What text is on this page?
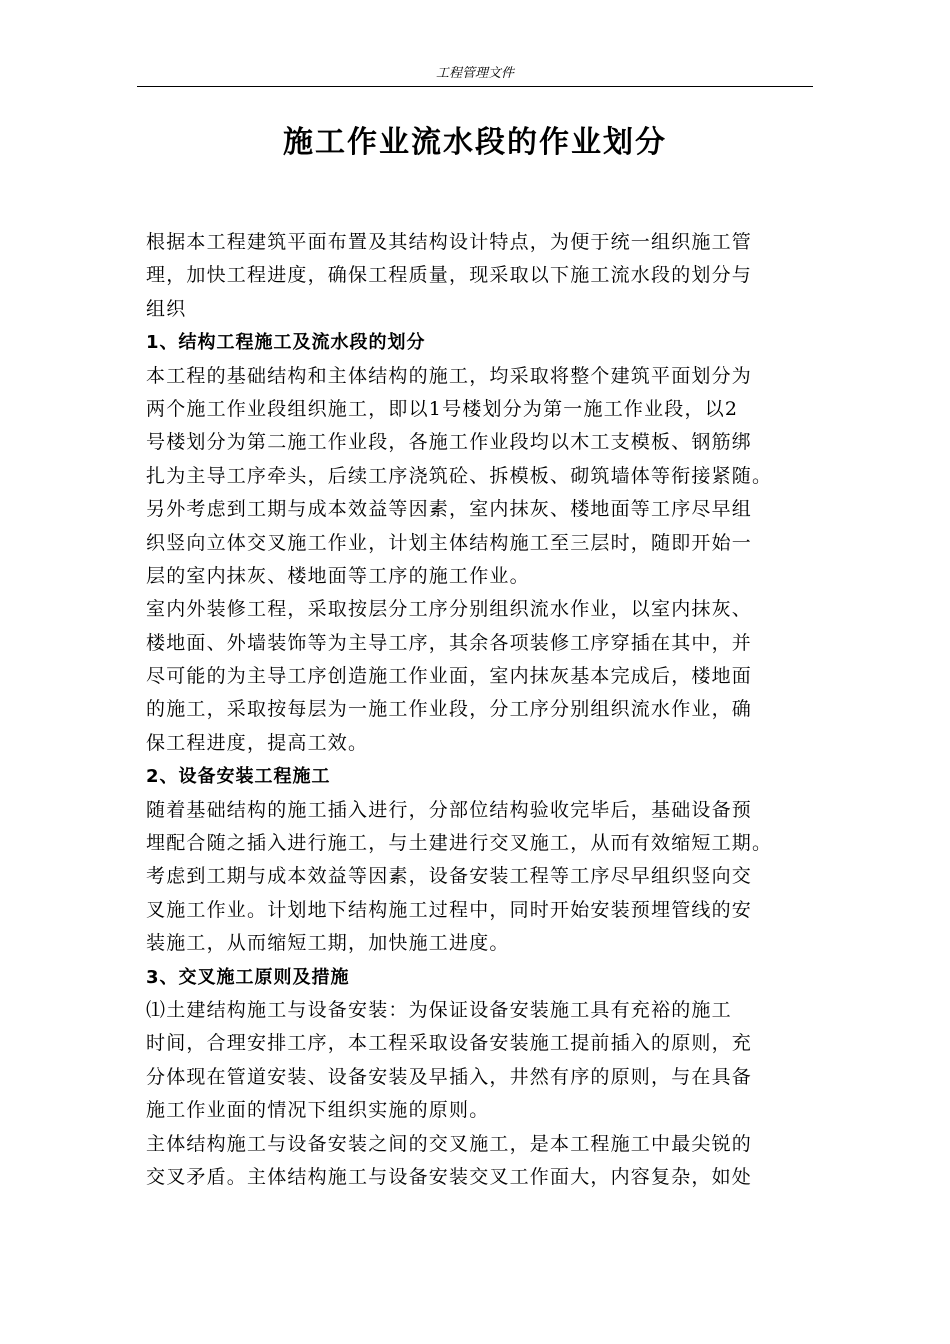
工程管理文件
施工作业流水段的作业划分
根据本工程建筑平面布置及其结构设计特点，为便于统一组织施工管
理，加快工程进度，确保工程质量，现采取以下施工流水段的划分与
组织
1、结构工程施工及流水段的划分
本工程的基础结构和主体结构的施工，均采取将整个建筑平面划分为
两个施工作业段组织施工，即以1号楼划分为第一施工作业段，以2
号楼划分为第二施工作业段，各施工作业段均以木工支模板、钢筋绑
扎为主导工序牵头，后续工序浇筑砼、拆模板、砌筑墙体等衔接紧随。
另外考虑到工期与成本效益等因素，室内抹灰、楼地面等工序尽早组
织竖向立体交叉施工作业，计划主体结构施工至三层时，随即开始一
层的室内抹灰、楼地面等工序的施工作业。
室内外装修工程，采取按层分工序分别组织流水作业，以室内抹灰、
楼地面、外墙装饰等为主导工序，其余各项装修工序穿插在其中，并
尽可能的为主导工序创造施工作业面，室内抹灰基本完成后，楼地面
的施工，采取按每层为一施工作业段，分工序分别组织流水作业，确
保工程进度，提高工效。
2、设备安装工程施工
随着基础结构的施工插入进行，分部位结构验收完毕后，基础设备预
埋配合随之插入进行施工，与土建进行交叉施工，从而有效缩短工期。
考虑到工期与成本效益等因素，设备安装工程等工序尽早组织竖向交
叉施工作业。计划地下结构施工过程中，同时开始安装预埋管线的安
装施工，从而缩短工期，加快施工进度。
3、交叉施工原则及措施
⑴土建结构施工与设备安装：为保证设备安装施工具有充裕的施工
时间，合理安排工序，本工程采取设备安装施工提前插入的原则，充
分体现在管道安装、设备安装及早插入，井然有序的原则，与在具备
施工作业面的情况下组织实施的原则。
主体结构施工与设备安装之间的交叉施工，是本工程施工中最尖锐的
交叉矛盾。主体结构施工与设备安装交叉工作面大，内容复杂，如处
